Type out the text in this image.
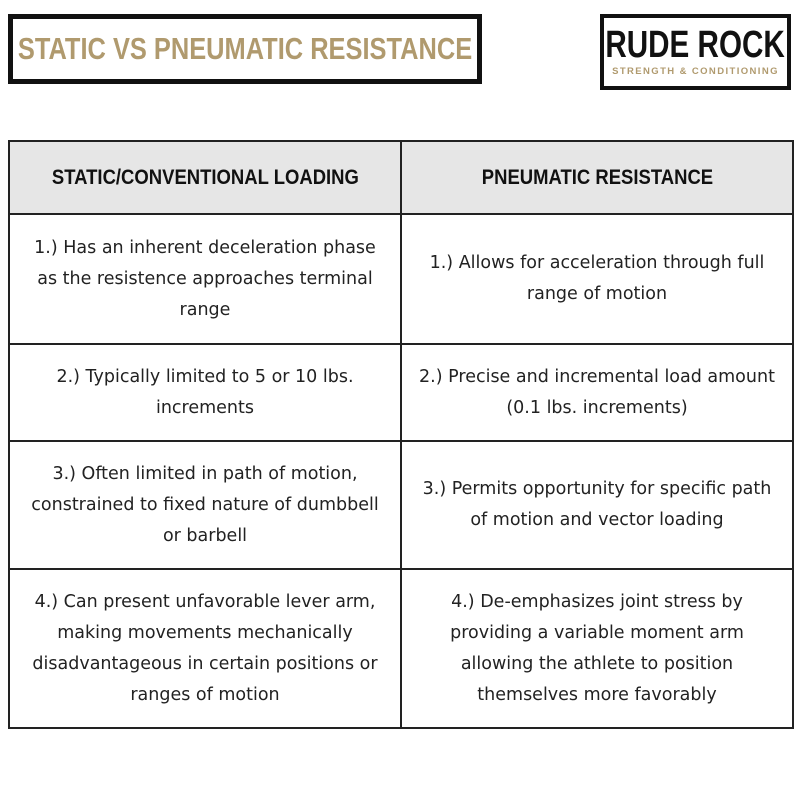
STATIC VS PNEUMATIC RESISTANCE	RUDE ROCK
STRENGTH & CONDITIONING
STATIC/CONVENTIONAL LOADING	PNEUMATIC RESISTANCE
1.) Has an inherent deceleration phase as the resistence approaches terminal range	1.) Allows for acceleration through full range of motion
2.) Typically limited to 5 or 10 lbs. increments	2.) Precise and incremental load amount (0.1 lbs. increments)
3.) Often limited in path of motion, constrained to fixed nature of dumbbell or barbell	3.) Permits opportunity for specific path of motion and vector loading
4.) Can present unfavorable lever arm, making movements mechanically disadvantageous in certain positions or ranges of motion	4.) De-emphasizes joint stress by providing a variable moment arm allowing the athlete to position themselves more favorably
